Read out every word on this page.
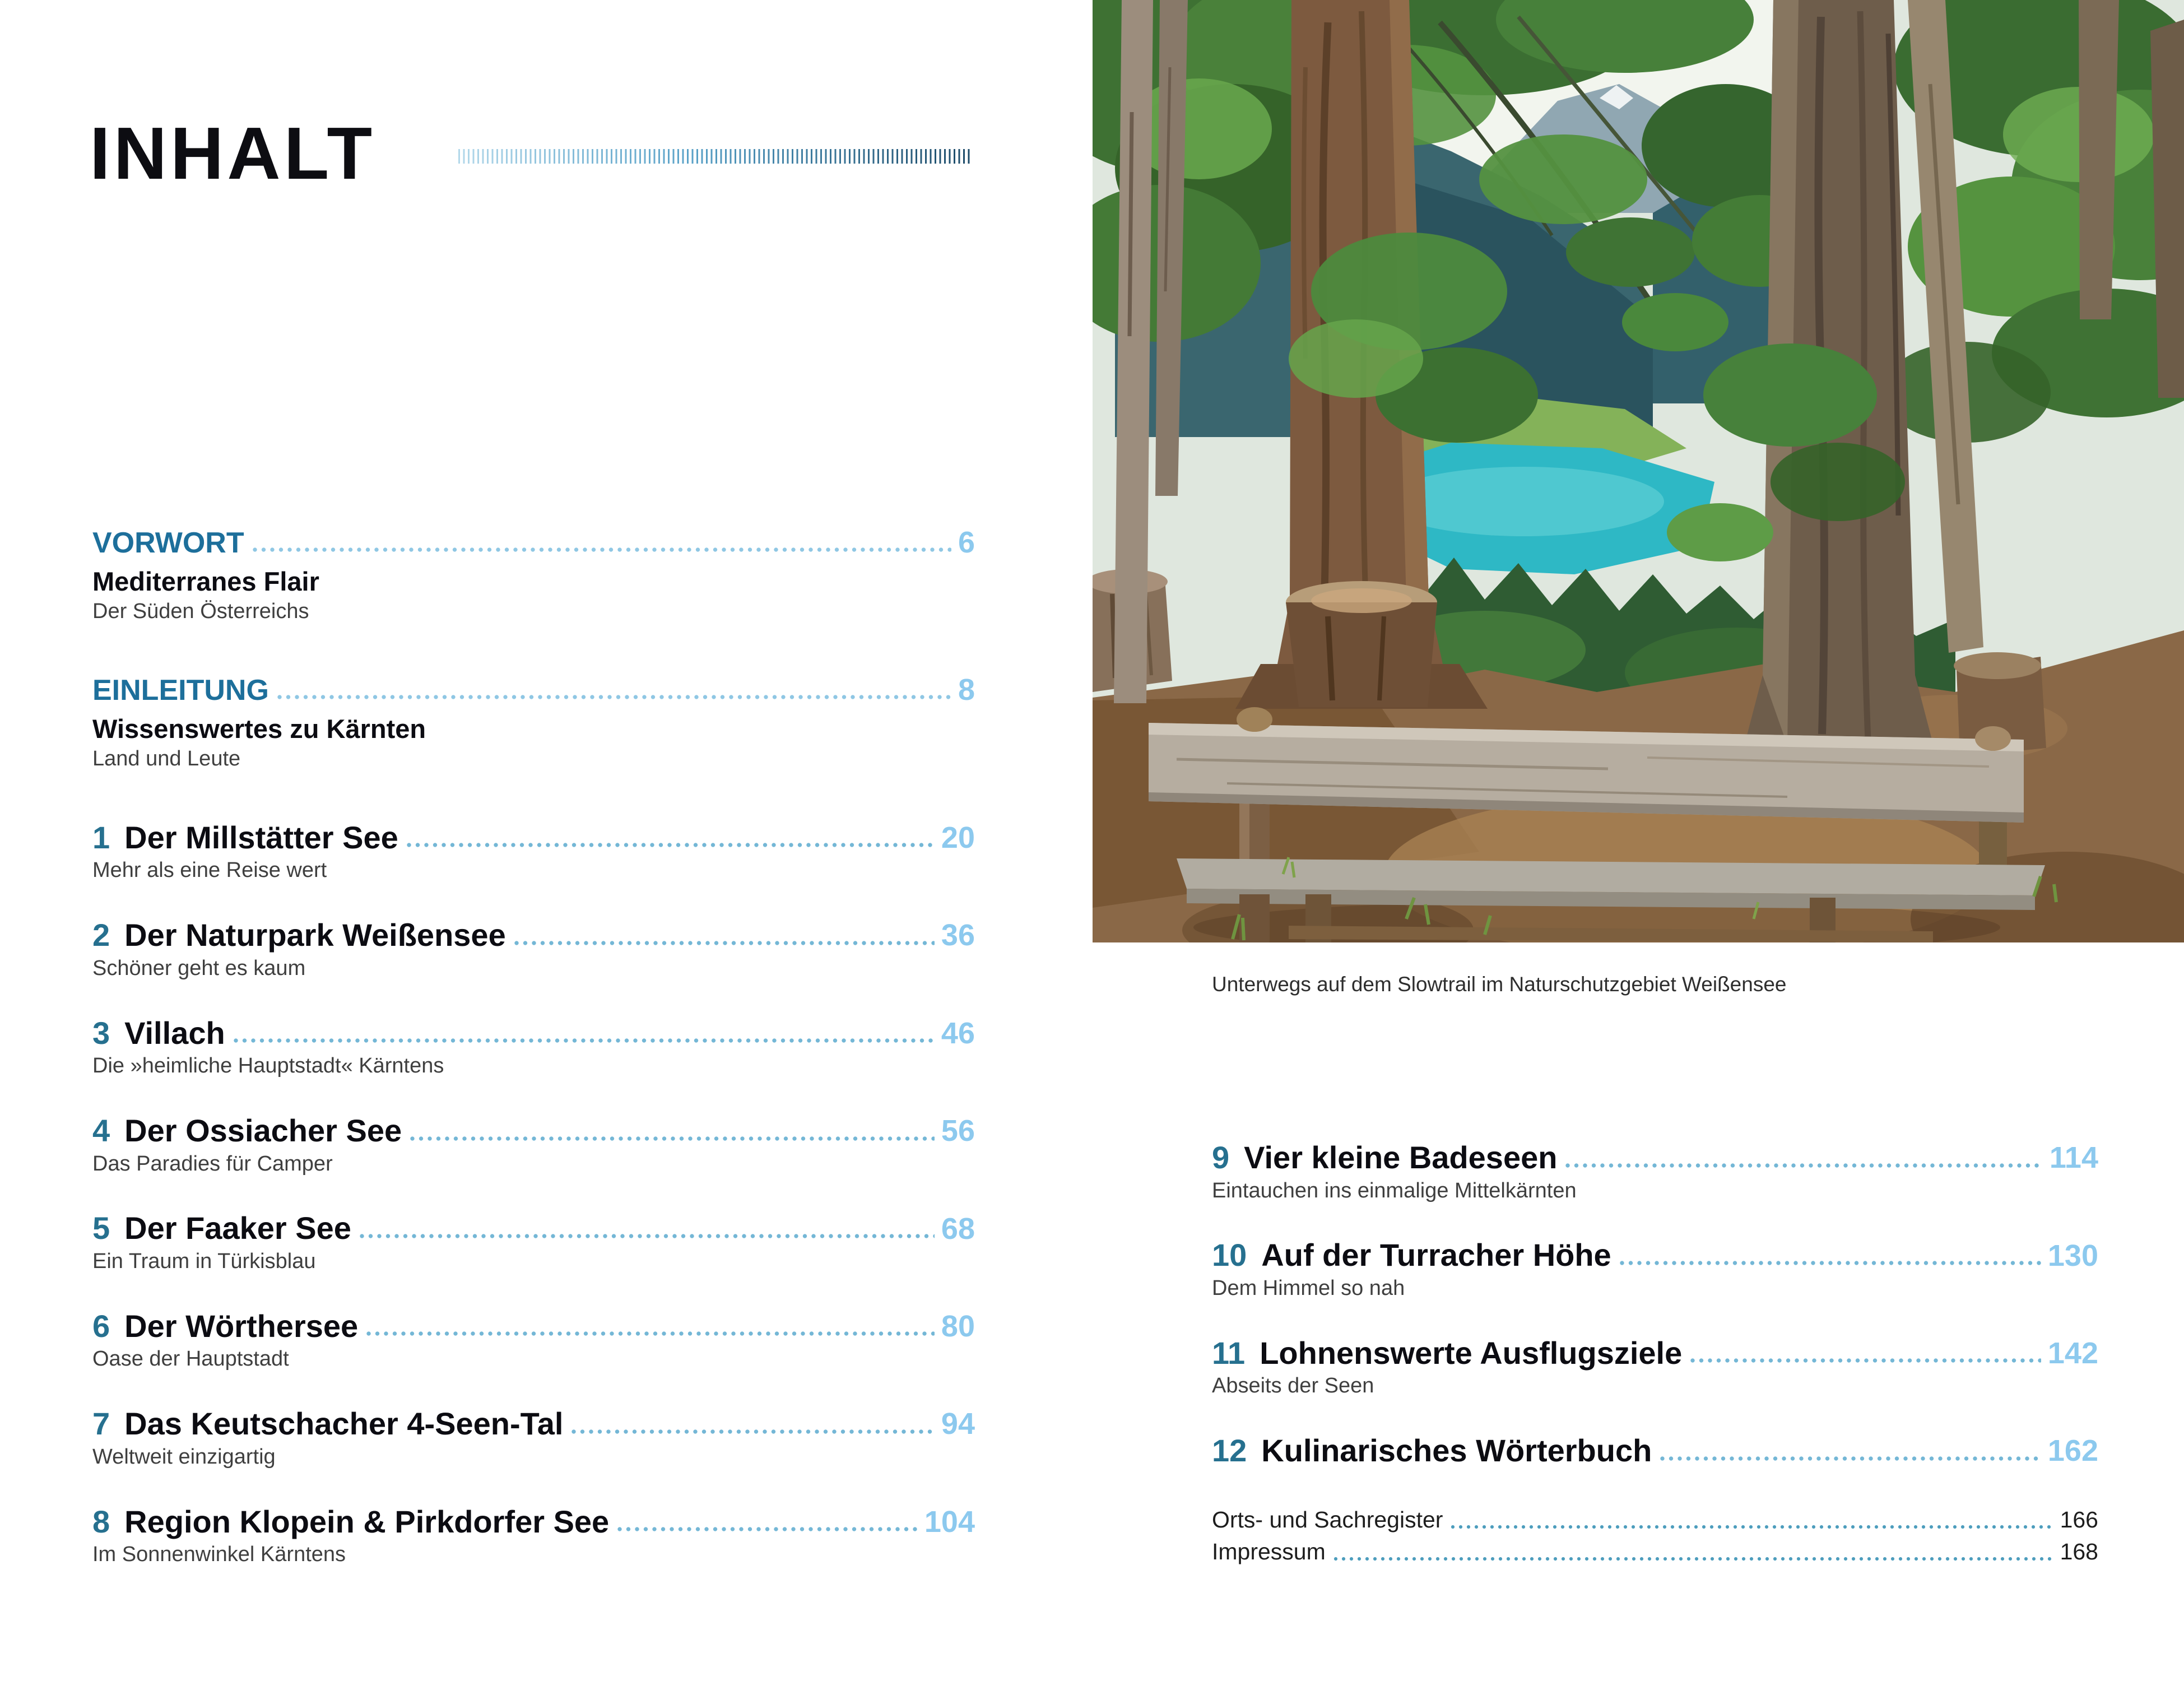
INHALT
VORWORT	6
Mediterranes Flair
Der Süden Österreichs
EINLEITUNG	8
Wissenswertes zu Kärnten
Land und Leute
1 Der Millstätter See	20
Mehr als eine Reise wert
2 Der Naturpark Weißensee	36
Schöner geht es kaum
3 Villach	46
Die »heimliche Hauptstadt« Kärntens
4 Der Ossiacher See	56
Das Paradies für Camper
5 Der Faaker See	68
Ein Traum in Türkisblau
6 Der Wörthersee	80
Oase der Hauptstadt
7 Das Keutschacher 4-Seen-Tal	94
Weltweit einzigartig
8 Region Klopein & Pirkdorfer See	104
Im Sonnenwinkel Kärntens
Unterwegs auf dem Slowtrail im Naturschutzgebiet Weißensee
9 Vier kleine Badeseen	114
Eintauchen ins einmalige Mittelkärnten
10 Auf der Turracher Höhe	130
Dem Himmel so nah
11 Lohnenswerte Ausflugsziele	142
Abseits der Seen
12 Kulinarisches Wörterbuch	162
Orts- und Sachregister	166
Impressum	168
